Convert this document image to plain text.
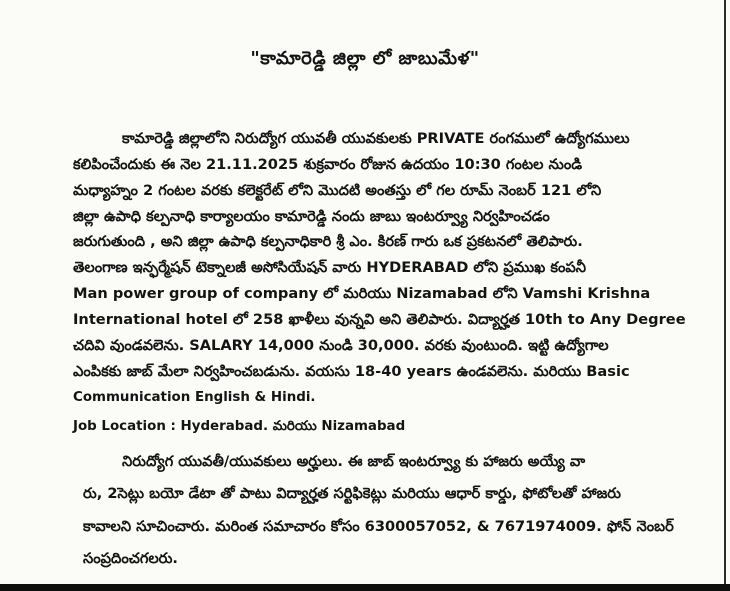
"కామారెడ్డి జిల్లా లో జాబుమేళ"
కామారెడ్డి జిల్లాలోని నిరుద్యోగ యువతీ యువకులకు PRIVATE రంగములో ఉద్యోగములు
కలిపించేందుకు ఈ నెల 21.11.2025 శుక్రవారం రోజున ఉదయం 10:30 గంటల నుండి
మధ్యాహ్నం 2 గంటల వరకు కలెక్టరేట్ లోని మొదటి అంతస్తు లో గల రూమ్ నెంబర్ 121 లోని
జిల్లా ఉపాధి కల్పనాధి కార్యాలయం కామారెడ్డి నందు జాబు ఇంటర్వ్యూ నిర్వహించడం
జరుగుతుంది , అని జిల్లా ఉపాధి కల్పనాధికారి శ్రీ ఎం. కిరణ్ గారు ఒక ప్రకటనలో తెలిపారు.
తెలంగాణ ఇన్ఫర్మేషన్ టెక్నాలజీ అసోసియేషన్ వారు HYDERABAD లోని ప్రముఖ కంపనీ
Man power group of company లో మరియు Nizamabad లోని Vamshi Krishna
International hotel లో 258 ఖాళీలు వున్నవి అని తెలిపారు. విద్యార్హత 10th to Any Degree
చదివి వుండవలెను. SALARY 14,000 నుండి 30,000. వరకు వుంటుంది. ఇట్టి ఉద్యోగాల
ఎంపికకు జాబ్ మేలా నిర్వహించబడును. వయసు 18-40 years ఉండవలెను. మరియు Basic
Communication English & Hindi.
Job Location : Hyderabad. మరియు Nizamabad
నిరుద్యోగ యువతీ/యువకులు అర్హులు. ఈ జాబ్ ఇంటర్వ్యూ కు హాజరు అయ్యే వా
రు, 2సెట్లు బయో డేటా తో పాటు విద్యార్హత సర్టిఫికెట్లు మరియు ఆధార్ కార్డు, ఫోటోలతో హాజరు
కావాలని సూచించారు. మరింత సమాచారం కోసం 6300057052, & 7671974009. ఫోన్ నెంబర్
సంప్రదించగలరు.
